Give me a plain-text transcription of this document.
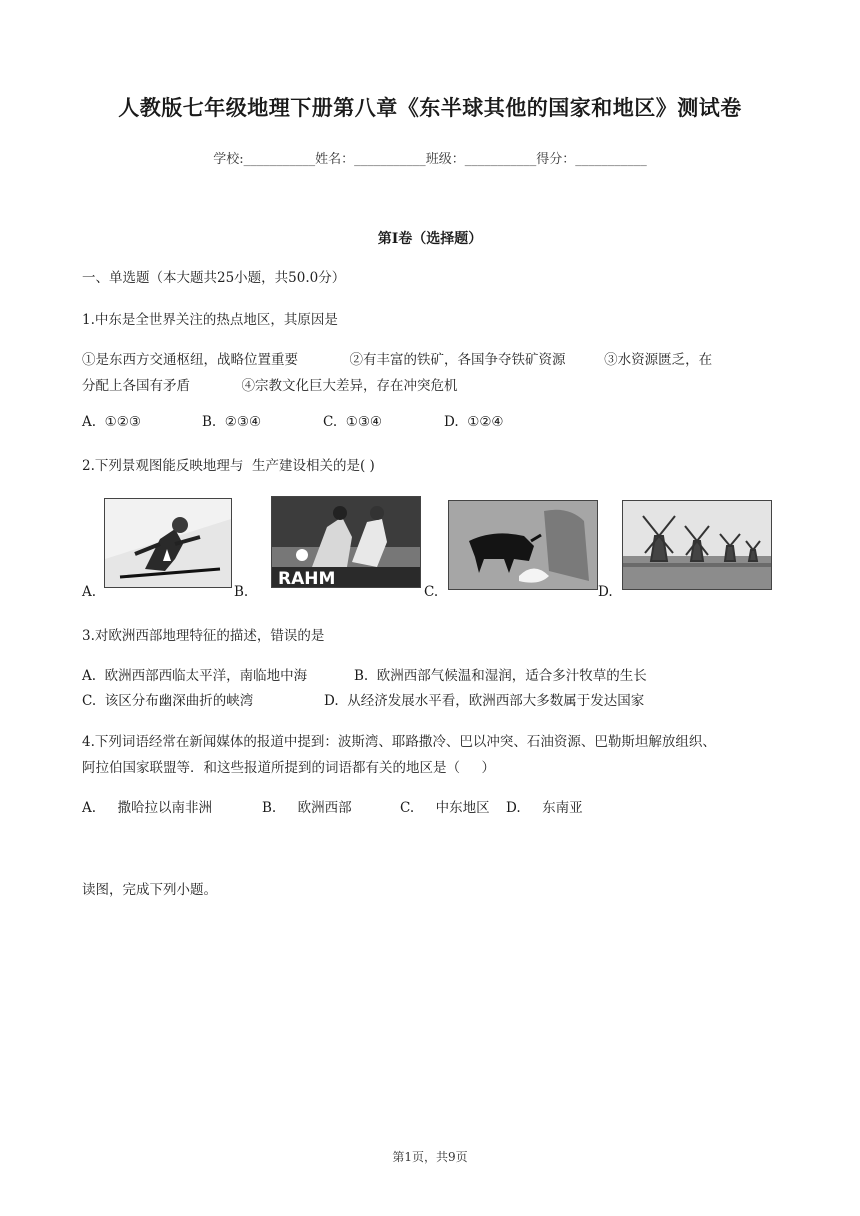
人教版七年级地理下册第八章《东半球其他的国家和地区》测试卷
学校:___________姓名：___________班级：___________得分：___________
第I卷（选择题）
一、单选题（本大题共25小题，共50.0分）
1.中东是全世界关注的热点地区，其原因是
①是东西方交通枢纽，战略位置重要            ②有丰富的铁矿，各国争夺铁矿资源         ③水资源匮乏，在
分配上各国有矛盾            ④宗教文化巨大差异，存在冲突危机
A.  ①②③	B.  ②③④	C.  ①③④	D.  ①②④
2.下列景观图能反映地理与  生产建设相关的是( )
A.	B.
RAHM
C.	D.
3.对欧洲西部地理特征的描述，错误的是
A.  欧洲西部西临太平洋，南临地中海	B.  欧洲西部气候温和湿润，适合多汁牧草的生长
C.  该区分布幽深曲折的峡湾	D.  从经济发展水平看，欧洲西部大多数属于发达国家
4.下列词语经常在新闻媒体的报道中提到：波斯湾、耶路撒冷、巴以冲突、石油资源、巴勒斯坦解放组织、
阿拉伯国家联盟等．和这些报道所提到的词语都有关的地区是（     ）
A.     撒哈拉以南非洲	B.     欧洲西部	C.     中东地区 D.     东南亚
读图，完成下列小题。
第1页，共9页
